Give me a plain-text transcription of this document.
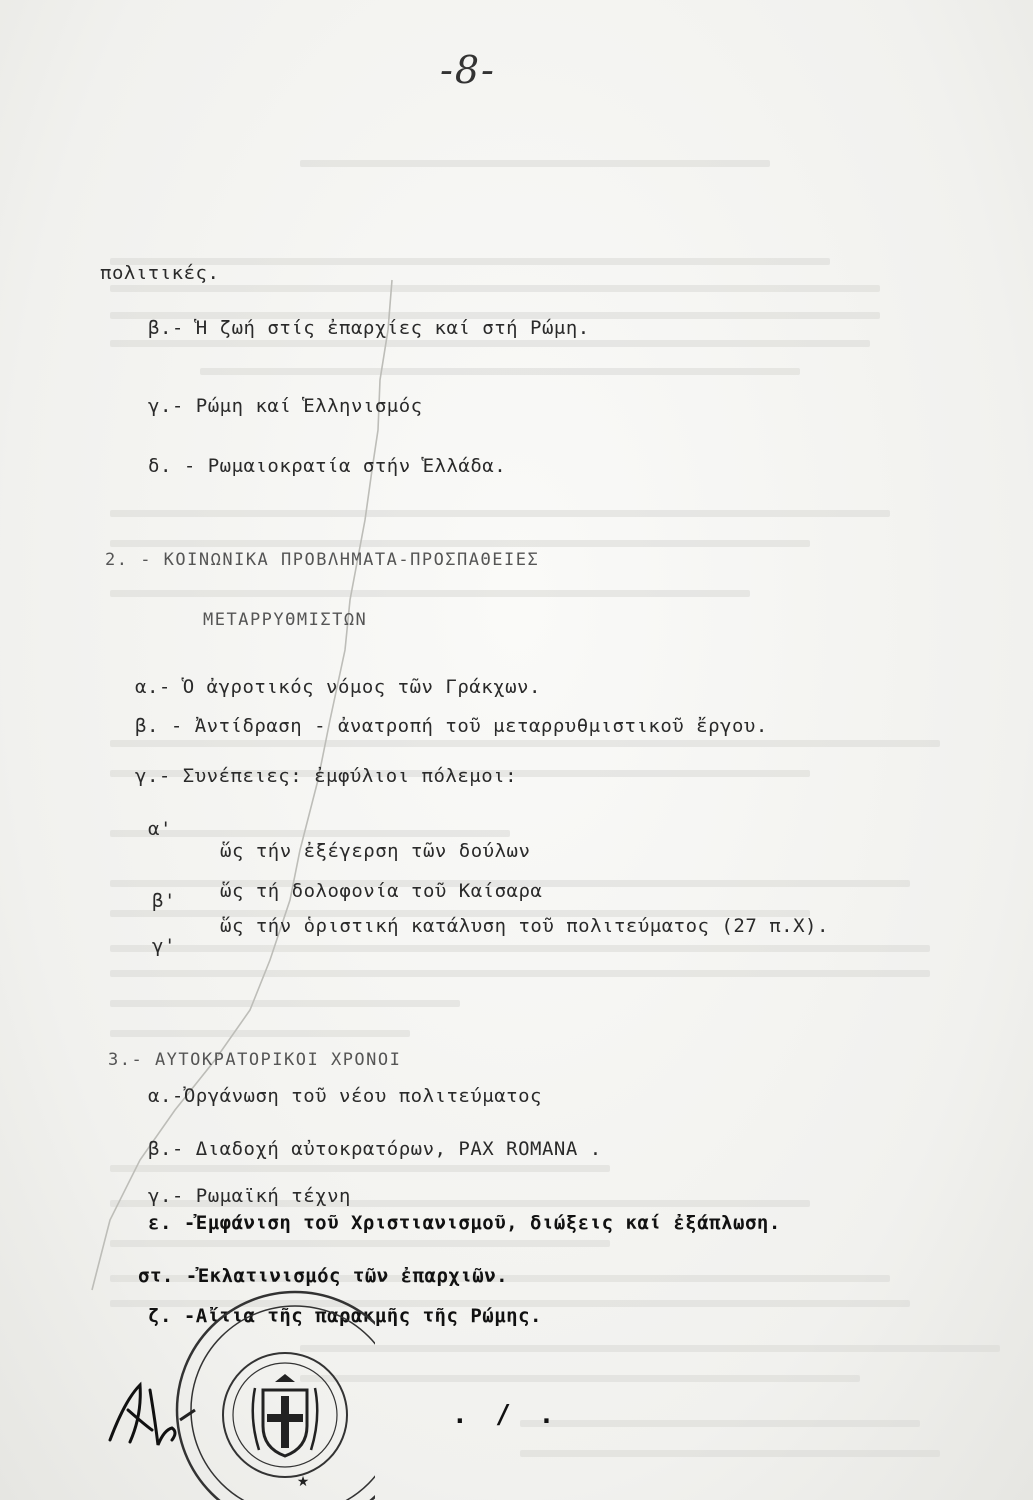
-8-
πολιτικές.
β.- Ἡ ζωή στίς ἐπαρχίες καί στή Ρώμη.
γ.- Ρώμη καί Ἑλληνισμός
δ. - Ρωμαιοκρατία στήν Ἑλλάδα.
2. - ΚΟΙΝΩΝΙΚΑ ΠΡΟΒΛΗΜΑΤΑ-ΠΡΟΣΠΑΘΕΙΕΣ
ΜΕΤΑΡΡΥΘΜΙΣΤΩΝ
α.- Ὁ ἀγροτικός νόμος τῶν Γράκχων.
β. - Ἀντίδραση - ἀνατροπή τοῦ μεταρρυθμιστικοῦ ἔργου.
γ.- Συνέπειες: ἐμφύλιοι πόλεμοι:
α'
ὥς τήν ἐξέγερση τῶν δούλων
β' ὥς τή δολοφονία τοῦ Καίσαρα
γ'
ὥς τήν ὁριστική κατάλυση τοῦ πολιτεύματος (27 π.Χ).
3.- ΑΥΤΟΚΡΑΤΟΡΙΚΟΙ ΧΡΟΝΟΙ
α.-Ὀργάνωση τοῦ νέου πολιτεύματος
β.- Διαδοχή αὐτοκρατόρων, PAX ROMANA .
γ.- Ρωμαϊκή τέχνη
ε. -Ἐμφάνιση τοῦ Χριστιανισμοῦ, διώξεις καί ἐξάπλωση.
στ. -Ἐκλατινισμός τῶν ἐπαρχιῶν.
ζ. -Αἴτια τῆς παρακμῆς τῆς Ρώμης.
★
. / .
